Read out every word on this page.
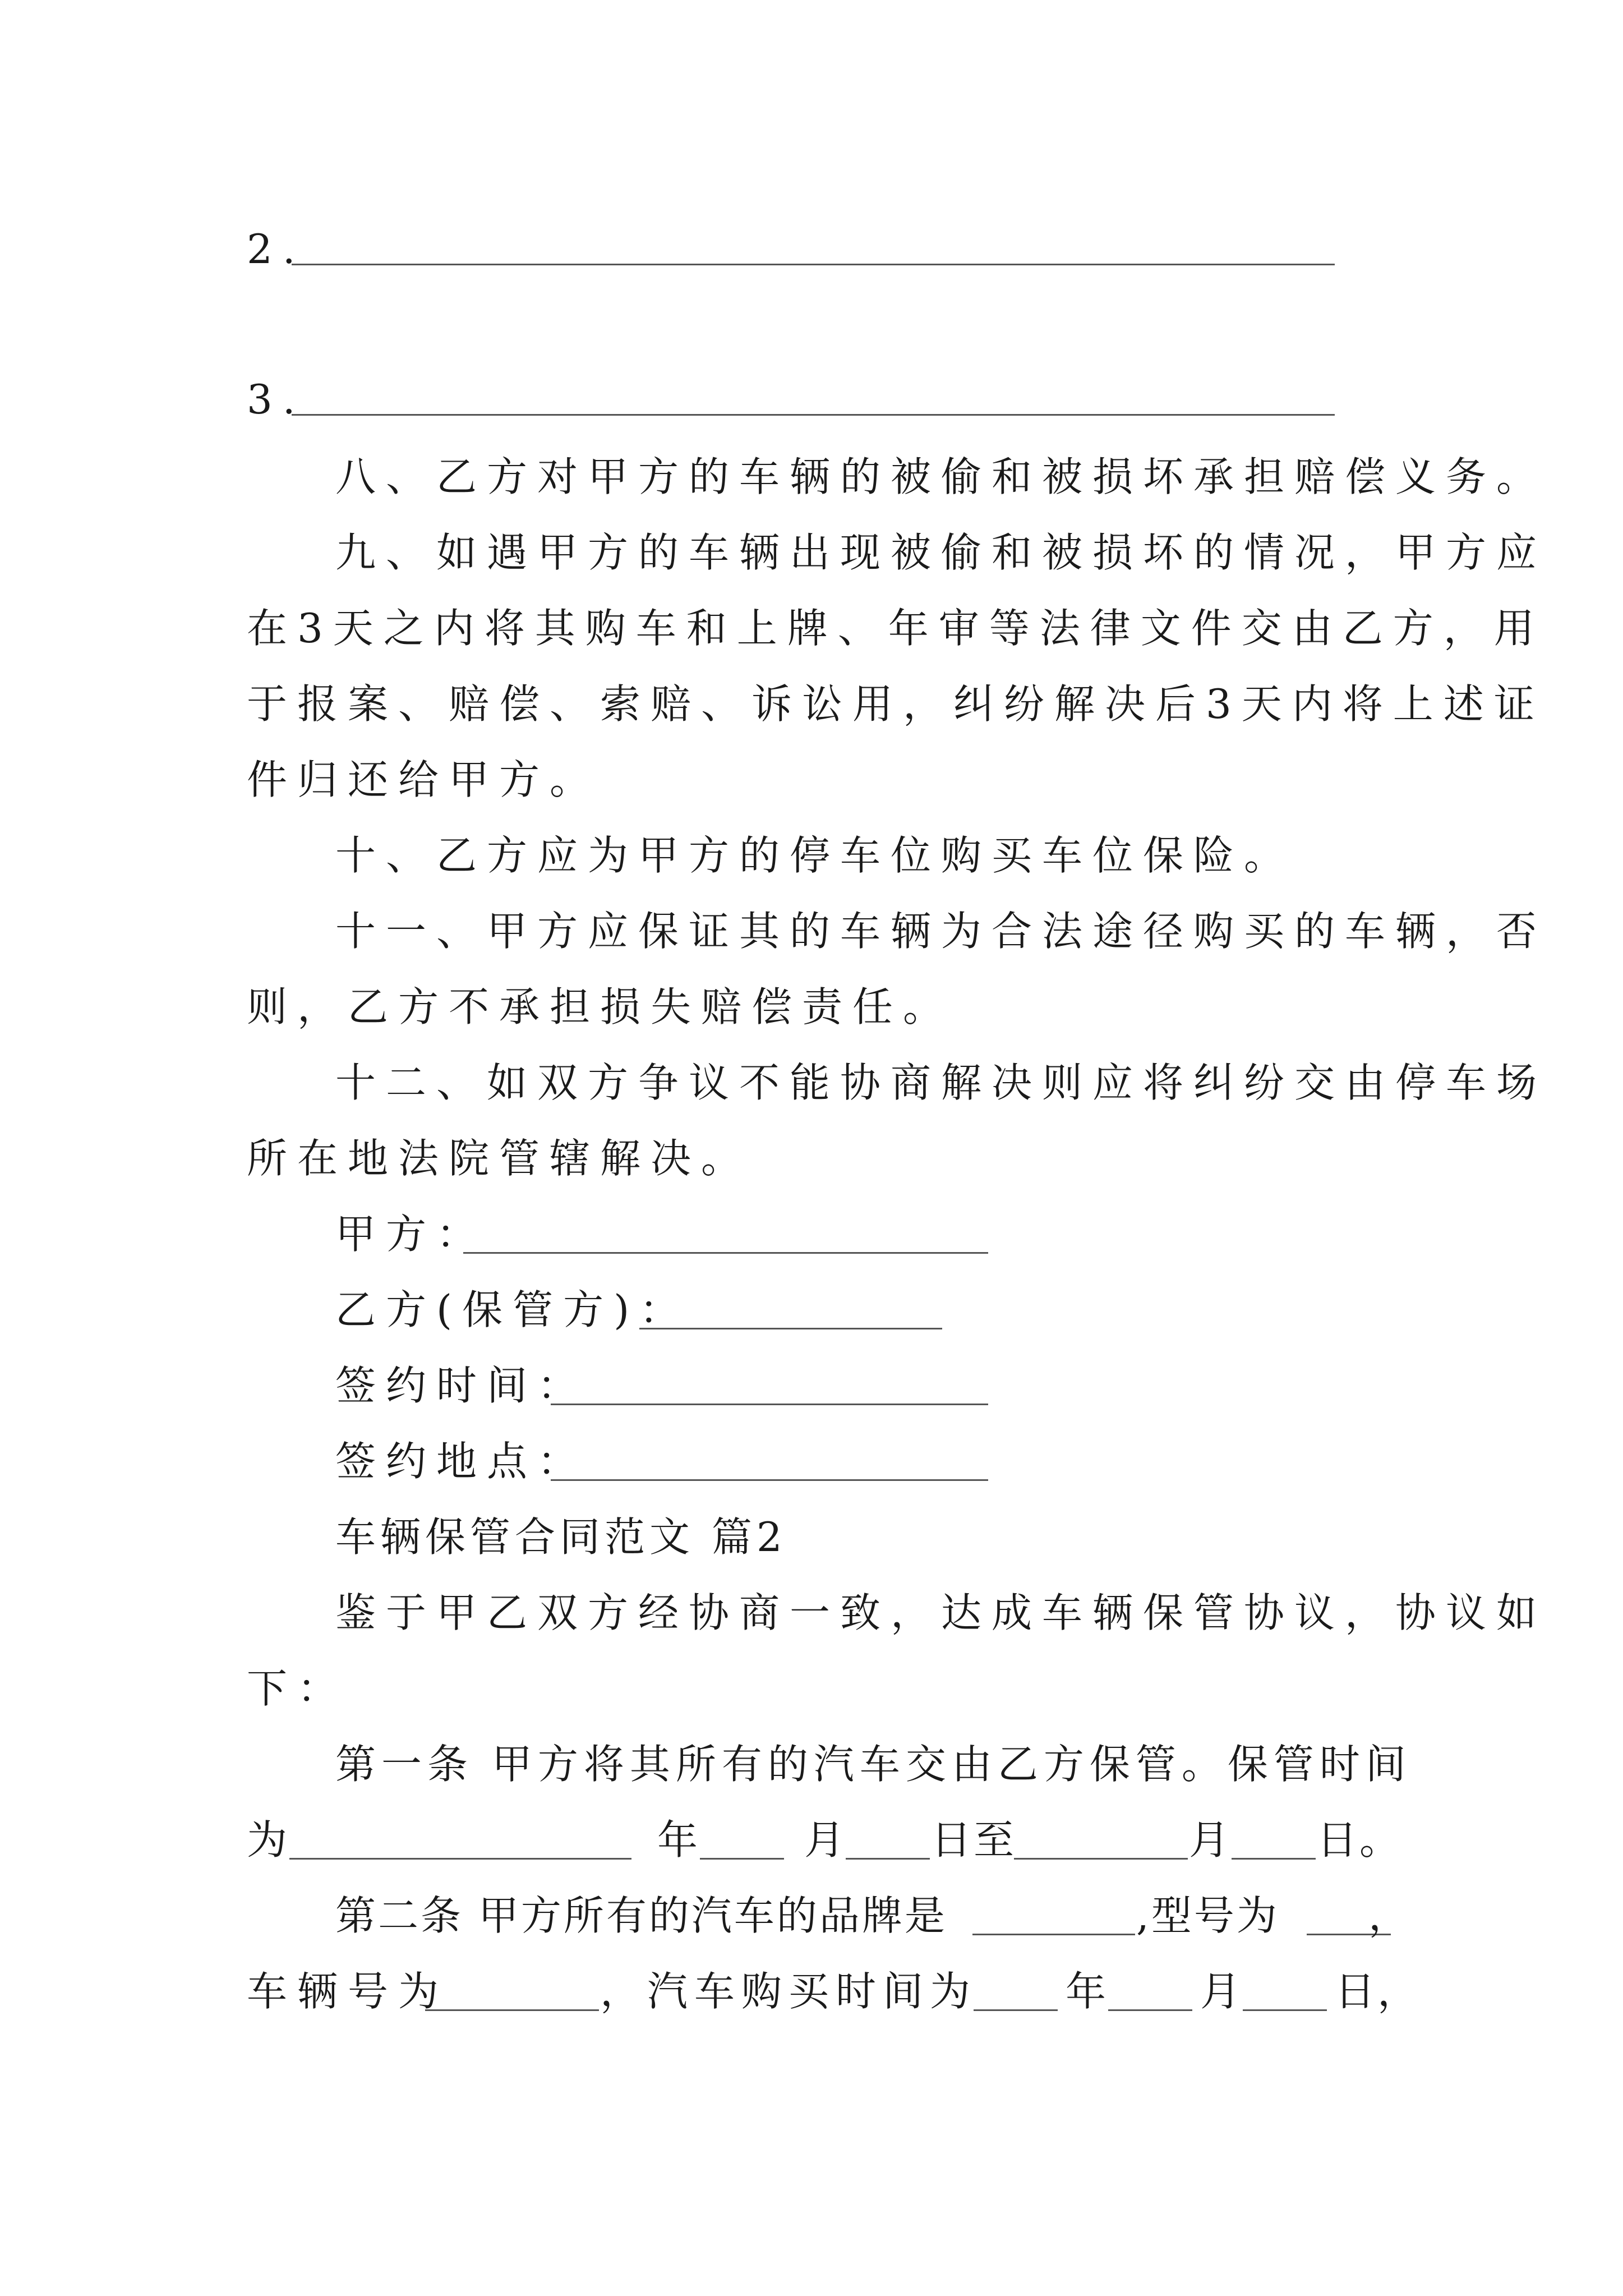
2.
3.
八、乙方对甲方的车辆的被偷和被损坏承担赔偿义务。
九、如遇甲方的车辆出现被偷和被损坏的情况，甲方应
在3天之内将其购车和上牌、年审等法律文件交由乙方，用
于报案、赔偿、索赔、诉讼用，纠纷解决后3天内将上述证
件归还给甲方。
十、乙方应为甲方的停车位购买车位保险。
十一、甲方应保证其的车辆为合法途径购买的车辆，否
则，乙方不承担损失赔偿责任。
十二、如双方争议不能协商解决则应将纠纷交由停车场
所在地法院管辖解决。
甲方：
乙方(保管方)：
签约时间：
签约地点：
车辆保管合同范文 篇2
鉴于甲乙双方经协商一致，达成车辆保管协议，协议如
下：
第一条 甲方将其所有的汽车交由乙方保管。保管时间
为	年 月 日至	月 日。
第二条 甲方所有的汽车的品牌是	,型号为 ，
车辆号为	，汽车购买时间为 年 月 日，
